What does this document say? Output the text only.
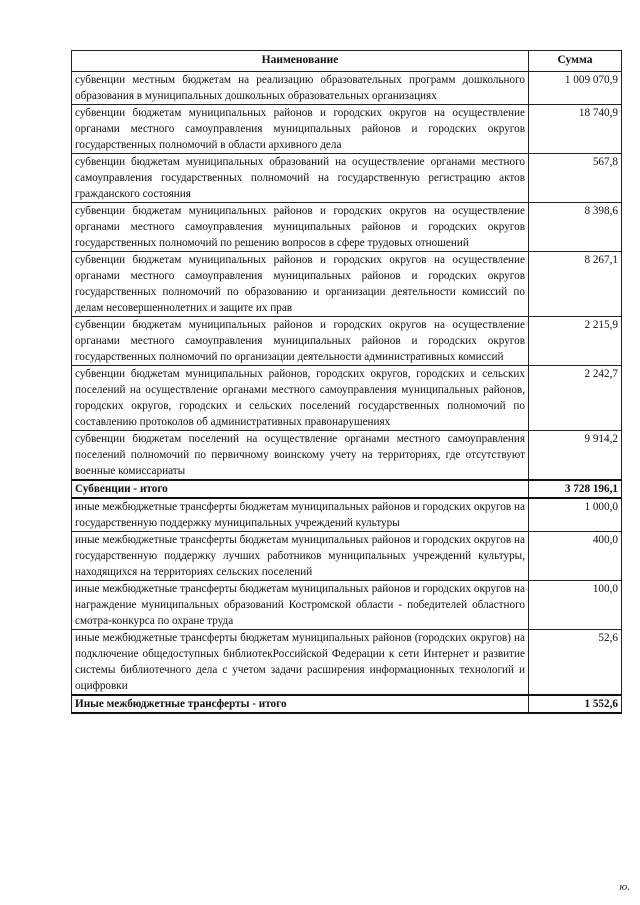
Наименование	Сумма
субвенции местным бюджетам на реализацию образовательных программ дошкольного образования в муниципальных дошкольных образовательных организациях	1 009 070,9
субвенции бюджетам муниципальных районов и городских округов на осуществление органами местного самоуправления муниципальных районов и городских округов государственных полномочий в области архивного дела	18 740,9
субвенции бюджетам муниципальных образований на осуществление органами местного самоуправления государственных полномочий на государственную регистрацию актов гражданского состояния	567,8
субвенции бюджетам муниципальных районов и городских округов на осуществление органами местного самоуправления муниципальных районов и городских округов государственных полномочий по решению вопросов в сфере трудовых отношений	8 398,6
субвенции бюджетам муниципальных районов и городских округов на осуществление органами местного самоуправления муниципальных районов и городских округов государственных полномочий по образованию и организации деятельности комиссий по делам несовершеннолетних и защите их прав	8 267,1
субвенции бюджетам муниципальных районов и городских округов на осуществление органами местного самоуправления муниципальных районов и городских округов государственных полномочий по организации деятельности административных комиссий	2 215,9
субвенции бюджетам муниципальных районов, городских округов, городских и сельских поселений на осуществление органами местного самоуправления муниципальных районов, городских округов, городских и сельских поселений государственных полномочий по составлению протоколов об административных правонарушениях	2 242,7
субвенции бюджетам поселений на осуществление органами местного самоуправления поселений полномочий по первичному воинскому учету на территориях, где отсутствуют военные комиссариаты	9 914,2
Субвенции - итого	3 728 196,1
иные межбюджетные трансферты бюджетам муниципальных районов и городских округов на государственную поддержку муниципальных учреждений культуры	1 000,0
иные межбюджетные трансферты бюджетам муниципальных районов и городских округов на государственную поддержку лучших работников муниципальных учреждений культуры, находящихся на территориях сельских поселений	400,0
иные межбюджетные трансферты бюджетам муниципальных районов и городских округов на награждение муниципальных образований Костромской области - победителей областного смотра-конкурса по охране труда	100,0
иные межбюджетные трансферты бюджетам муниципальных районов (городских округов) на подключение общедоступных библиотекРоссийской Федерации к сети Интернет и развитие системы библиотечного дела с учетом задачи расширения информационных технологий и оцифровки	52,6
Иные межбюджетные трансферты - итого	1 552,6
ю.
